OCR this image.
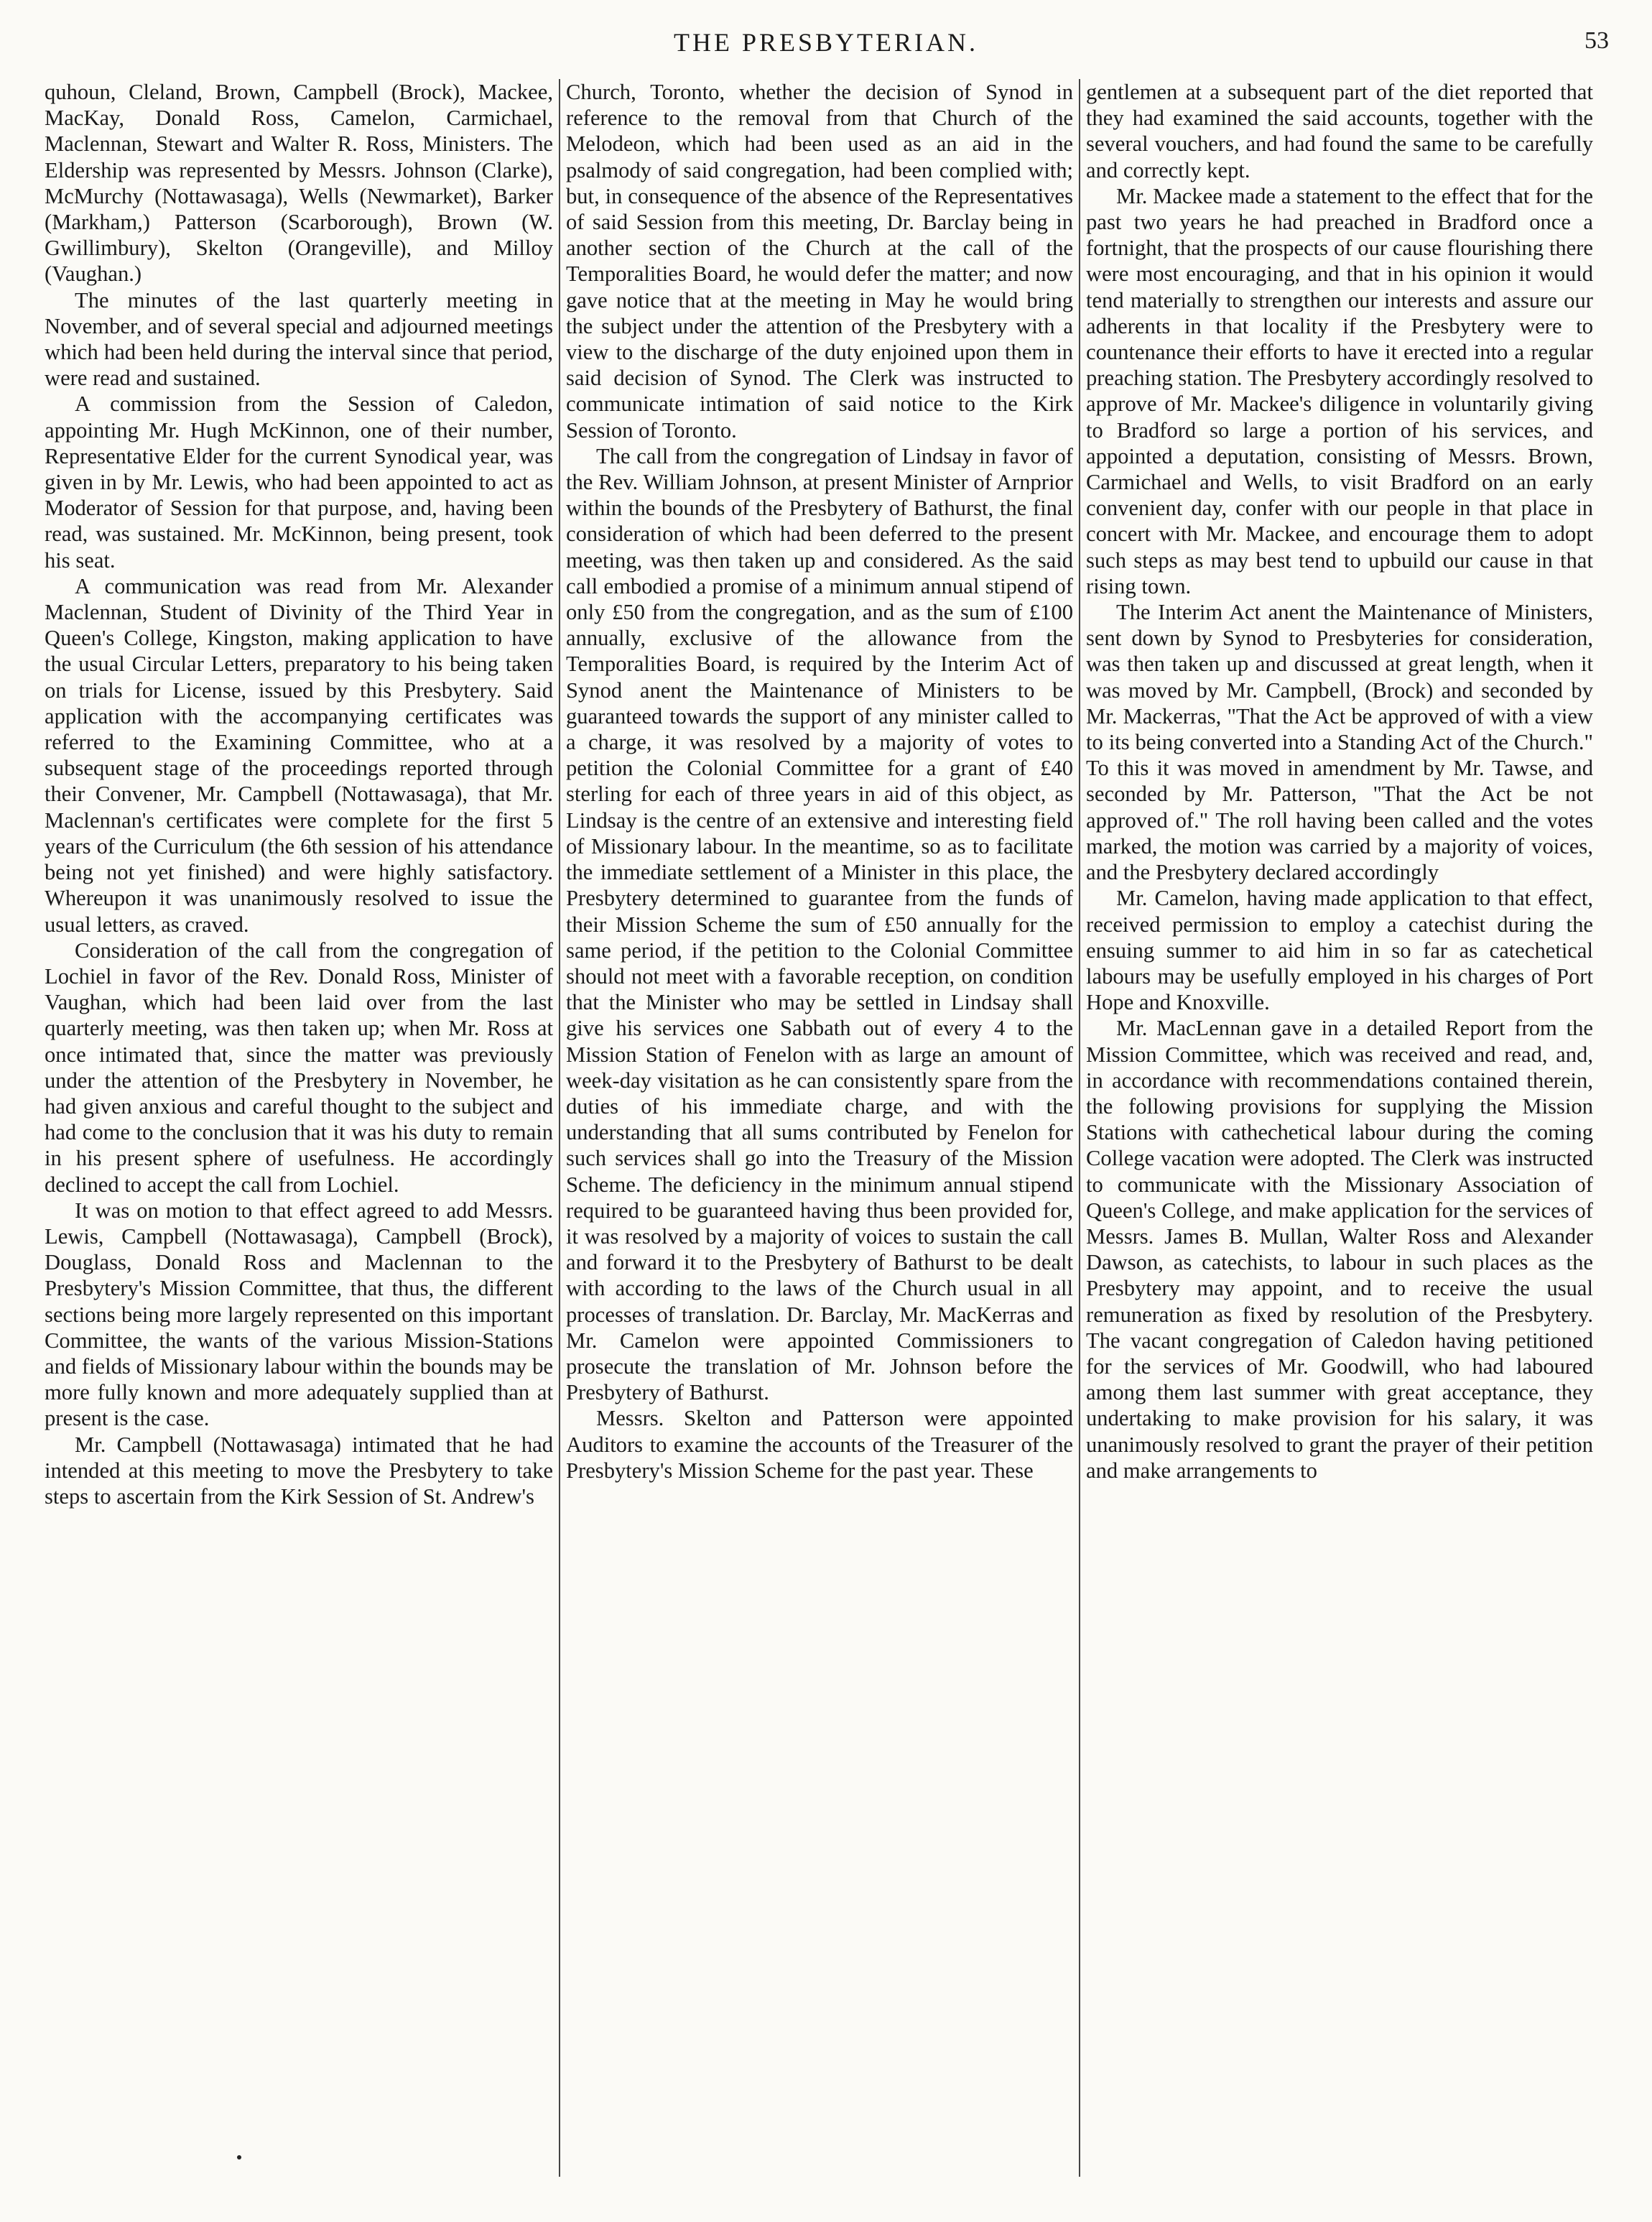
THE PRESBYTERIAN.	53

quhoun, Cleland, Brown, Campbell (Brock), Mackee, MacKay, Donald Ross, Camelon, Carmichael, Maclennan, Stewart and Walter R. Ross, Ministers. The Eldership was represented by Messrs. Johnson (Clarke), McMurchy (Nottawasaga), Wells (Newmarket), Barker (Markham,) Patterson (Scarborough), Brown (W. Gwillimbury), Skelton (Orangeville), and Milloy (Vaughan.)

The minutes of the last quarterly meeting in November, and of several special and adjourned meetings which had been held during the interval since that period, were read and sustained.

A commission from the Session of Caledon, appointing Mr. Hugh McKinnon, one of their number, Representative Elder for the current Synodical year, was given in by Mr. Lewis, who had been appointed to act as Moderator of Session for that purpose, and, having been read, was sustained. Mr. McKinnon, being present, took his seat.

A communication was read from Mr. Alexander Maclennan, Student of Divinity of the Third Year in Queen's College, Kingston, making application to have the usual Circular Letters, preparatory to his being taken on trials for License, issued by this Presbytery. Said application with the accompanying certificates was referred to the Examining Committee, who at a subsequent stage of the proceedings reported through their Convener, Mr. Campbell (Nottawasaga), that Mr. Maclennan's certificates were complete for the first 5 years of the Curriculum (the 6th session of his attendance being not yet finished) and were highly satisfactory. Whereupon it was unanimously resolved to issue the usual letters, as craved.

Consideration of the call from the congregation of Lochiel in favor of the Rev. Donald Ross, Minister of Vaughan, which had been laid over from the last quarterly meeting, was then taken up; when Mr. Ross at once intimated that, since the matter was previously under the attention of the Presbytery in November, he had given anxious and careful thought to the subject and had come to the conclusion that it was his duty to remain in his present sphere of usefulness. He accordingly declined to accept the call from Lochiel.

It was on motion to that effect agreed to add Messrs. Lewis, Campbell (Nottawasaga), Campbell (Brock), Douglass, Donald Ross and Maclennan to the Presbytery's Mission Committee, that thus, the different sections being more largely represented on this important Committee, the wants of the various Mission-Stations and fields of Missionary labour within the bounds may be more fully known and more adequately supplied than at present is the case.

Mr. Campbell (Nottawasaga) intimated that he had intended at this meeting to move the Presbytery to take steps to ascertain from the Kirk Session of St. Andrew's

Church, Toronto, whether the decision of Synod in reference to the removal from that Church of the Melodeon, which had been used as an aid in the psalmody of said congregation, had been complied with; but, in consequence of the absence of the Representatives of said Session from this meeting, Dr. Barclay being in another section of the Church at the call of the Temporalities Board, he would defer the matter; and now gave notice that at the meeting in May he would bring the subject under the attention of the Presbytery with a view to the discharge of the duty enjoined upon them in said decision of Synod. The Clerk was instructed to communicate intimation of said notice to the Kirk Session of Toronto.

The call from the congregation of Lindsay in favor of the Rev. William Johnson, at present Minister of Arnprior within the bounds of the Presbytery of Bathurst, the final consideration of which had been deferred to the present meeting, was then taken up and considered. As the said call embodied a promise of a minimum annual stipend of only £50 from the congregation, and as the sum of £100 annually, exclusive of the allowance from the Temporalities Board, is required by the Interim Act of Synod anent the Maintenance of Ministers to be guaranteed towards the support of any minister called to a charge, it was resolved by a majority of votes to petition the Colonial Committee for a grant of £40 sterling for each of three years in aid of this object, as Lindsay is the centre of an extensive and interesting field of Missionary labour. In the meantime, so as to facilitate the immediate settlement of a Minister in this place, the Presbytery determined to guarantee from the funds of their Mission Scheme the sum of £50 annually for the same period, if the petition to the Colonial Committee should not meet with a favorable reception, on condition that the Minister who may be settled in Lindsay shall give his services one Sabbath out of every 4 to the Mission Station of Fenelon with as large an amount of week-day visitation as he can consistently spare from the duties of his immediate charge, and with the understanding that all sums contributed by Fenelon for such services shall go into the Treasury of the Mission Scheme. The deficiency in the minimum annual stipend required to be guaranteed having thus been provided for, it was resolved by a majority of voices to sustain the call and forward it to the Presbytery of Bathurst to be dealt with according to the laws of the Church usual in all processes of translation. Dr. Barclay, Mr. MacKerras and Mr. Camelon were appointed Commissioners to prosecute the translation of Mr. Johnson before the Presbytery of Bathurst.

Messrs. Skelton and Patterson were appointed Auditors to examine the accounts of the Treasurer of the Presbytery's Mission Scheme for the past year. These

gentlemen at a subsequent part of the diet reported that they had examined the said accounts, together with the several vouchers, and had found the same to be carefully and correctly kept.

Mr. Mackee made a statement to the effect that for the past two years he had preached in Bradford once a fortnight, that the prospects of our cause flourishing there were most encouraging, and that in his opinion it would tend materially to strengthen our interests and assure our adherents in that locality if the Presbytery were to countenance their efforts to have it erected into a regular preaching station. The Presbytery accordingly resolved to approve of Mr. Mackee's diligence in voluntarily giving to Bradford so large a portion of his services, and appointed a deputation, consisting of Messrs. Brown, Carmichael and Wells, to visit Bradford on an early convenient day, confer with our people in that place in concert with Mr. Mackee, and encourage them to adopt such steps as may best tend to upbuild our cause in that rising town.

The Interim Act anent the Maintenance of Ministers, sent down by Synod to Presbyteries for consideration, was then taken up and discussed at great length, when it was moved by Mr. Campbell, (Brock) and seconded by Mr. Mackerras, "That the Act be approved of with a view to its being converted into a Standing Act of the Church." To this it was moved in amendment by Mr. Tawse, and seconded by Mr. Patterson, "That the Act be not approved of." The roll having been called and the votes marked, the motion was carried by a majority of voices, and the Presbytery declared accordingly

Mr. Camelon, having made application to that effect, received permission to employ a catechist during the ensuing summer to aid him in so far as catechetical labours may be usefully employed in his charges of Port Hope and Knoxville.

Mr. MacLennan gave in a detailed Report from the Mission Committee, which was received and read, and, in accordance with recommendations contained therein, the following provisions for supplying the Mission Stations with cathechetical labour during the coming College vacation were adopted. The Clerk was instructed to communicate with the Missionary Association of Queen's College, and make application for the services of Messrs. James B. Mullan, Walter Ross and Alexander Dawson, as catechists, to labour in such places as the Presbytery may appoint, and to receive the usual remuneration as fixed by resolution of the Presbytery. The vacant congregation of Caledon having petitioned for the services of Mr. Goodwill, who had laboured among them last summer with great acceptance, they undertaking to make provision for his salary, it was unanimously resolved to grant the prayer of their petition and make arrangements to
